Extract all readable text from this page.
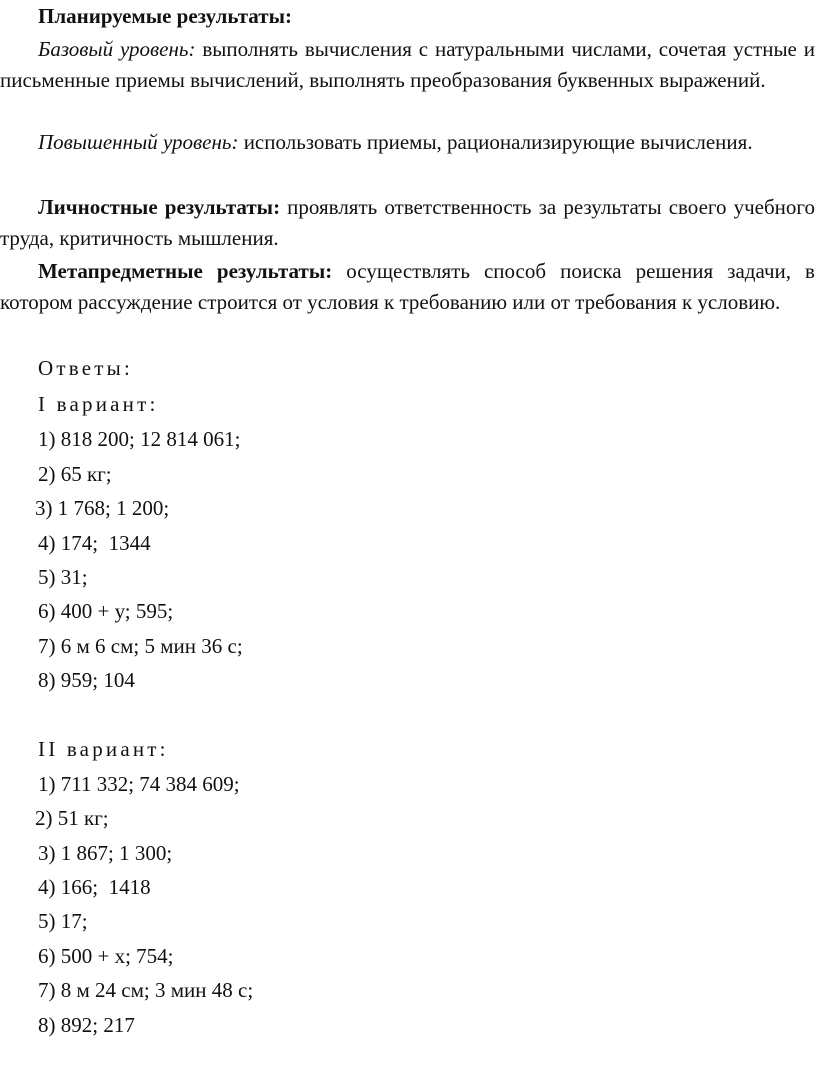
Планируемые результаты:

Базовый уровень: выполнять вычисления с натуральными числами, сочетая устные и письменные приемы вычислений, выполнять преобразования буквенных выражений.

Повышенный уровень: использовать приемы, рационализирующие вычисления.

Личностные результаты: проявлять ответственность за результаты своего учебного труда, критичность мышления.

Метапредметные результаты: осуществлять способ поиска решения задачи, в котором рассуждение строится от условия к требованию или от требования к условию.

Ответы:
I вариант:
1) 818 200; 12 814 061;
2) 65 кг;
3) 1 768; 1 200;
4) 174;  1344
5) 31;
6) 400 + у; 595;
7) 6 м 6 см; 5 мин 36 с;
8) 959; 104
II вариант:
1) 711 332; 74 384 609;
2) 51 кг;
3) 1 867; 1 300;
4) 166;  1418
5) 17;
6) 500 + х; 754;
7) 8 м 24 см; 3 мин 48 с;
8) 892; 217
